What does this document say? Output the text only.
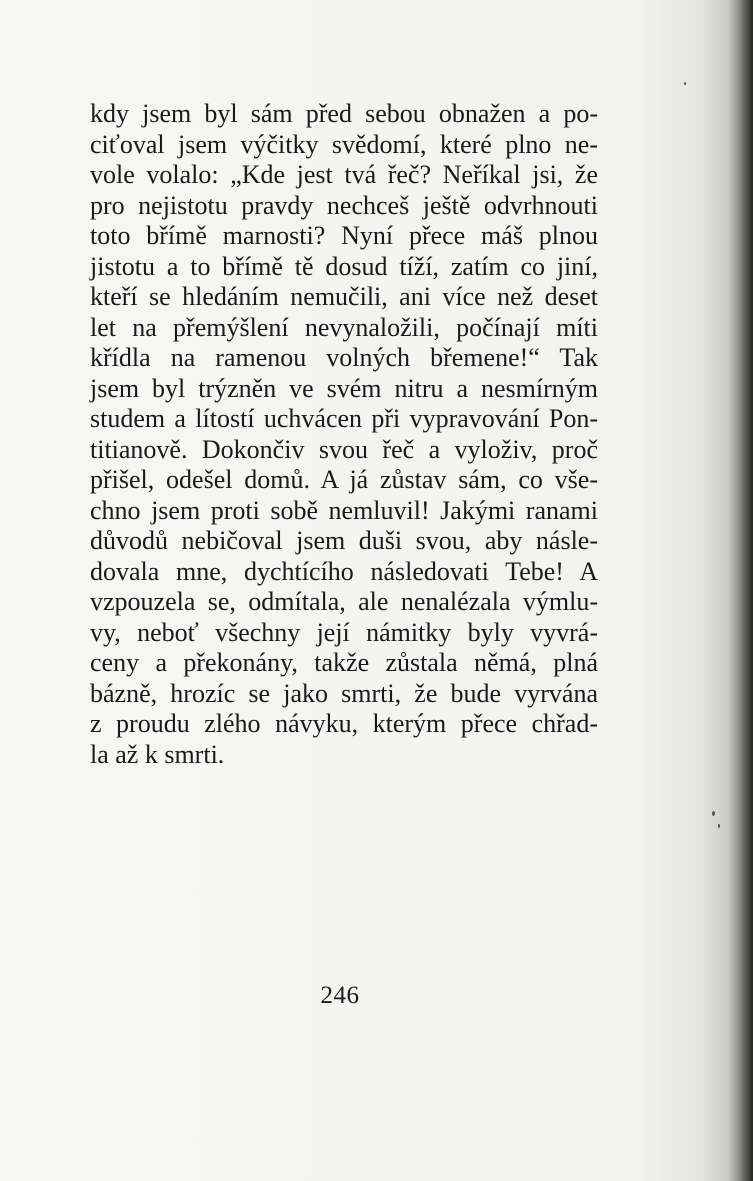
kdy jsem byl sám před sebou obnažen a po-
ciťoval jsem výčitky svědomí, které plno ne-
vole volalo: „Kde jest tvá řeč? Neříkal jsi, že
pro nejistotu pravdy nechceš ještě odvrhnouti
toto břímě marnosti? Nyní přece máš plnou
jistotu a to břímě tě dosud tíží, zatím co jiní,
kteří se hledáním nemučili, ani více než deset
let na přemýšlení nevynaložili, počínají míti
křídla na ramenou volných břemene!“ Tak
jsem byl trýzněn ve svém nitru a nesmírným
studem a lítostí uchvácen při vypravování Pon-
titianově. Dokončiv svou řeč a vyloživ, proč
přišel, odešel domů. A já zůstav sám, co vše-
chno jsem proti sobě nemluvil! Jakými ranami
důvodů nebičoval jsem duši svou, aby násle-
dovala mne, dychtícího následovati Tebe! A
vzpouzela se, odmítala, ale nenalézala výmlu-
vy, neboť všechny její námitky byly vyvrá-
ceny a překonány, takže zůstala němá, plná
bázně, hrozíc se jako smrti, že bude vyrvána
z proudu zlého návyku, kterým přece chřad-
la až k smrti.
246
